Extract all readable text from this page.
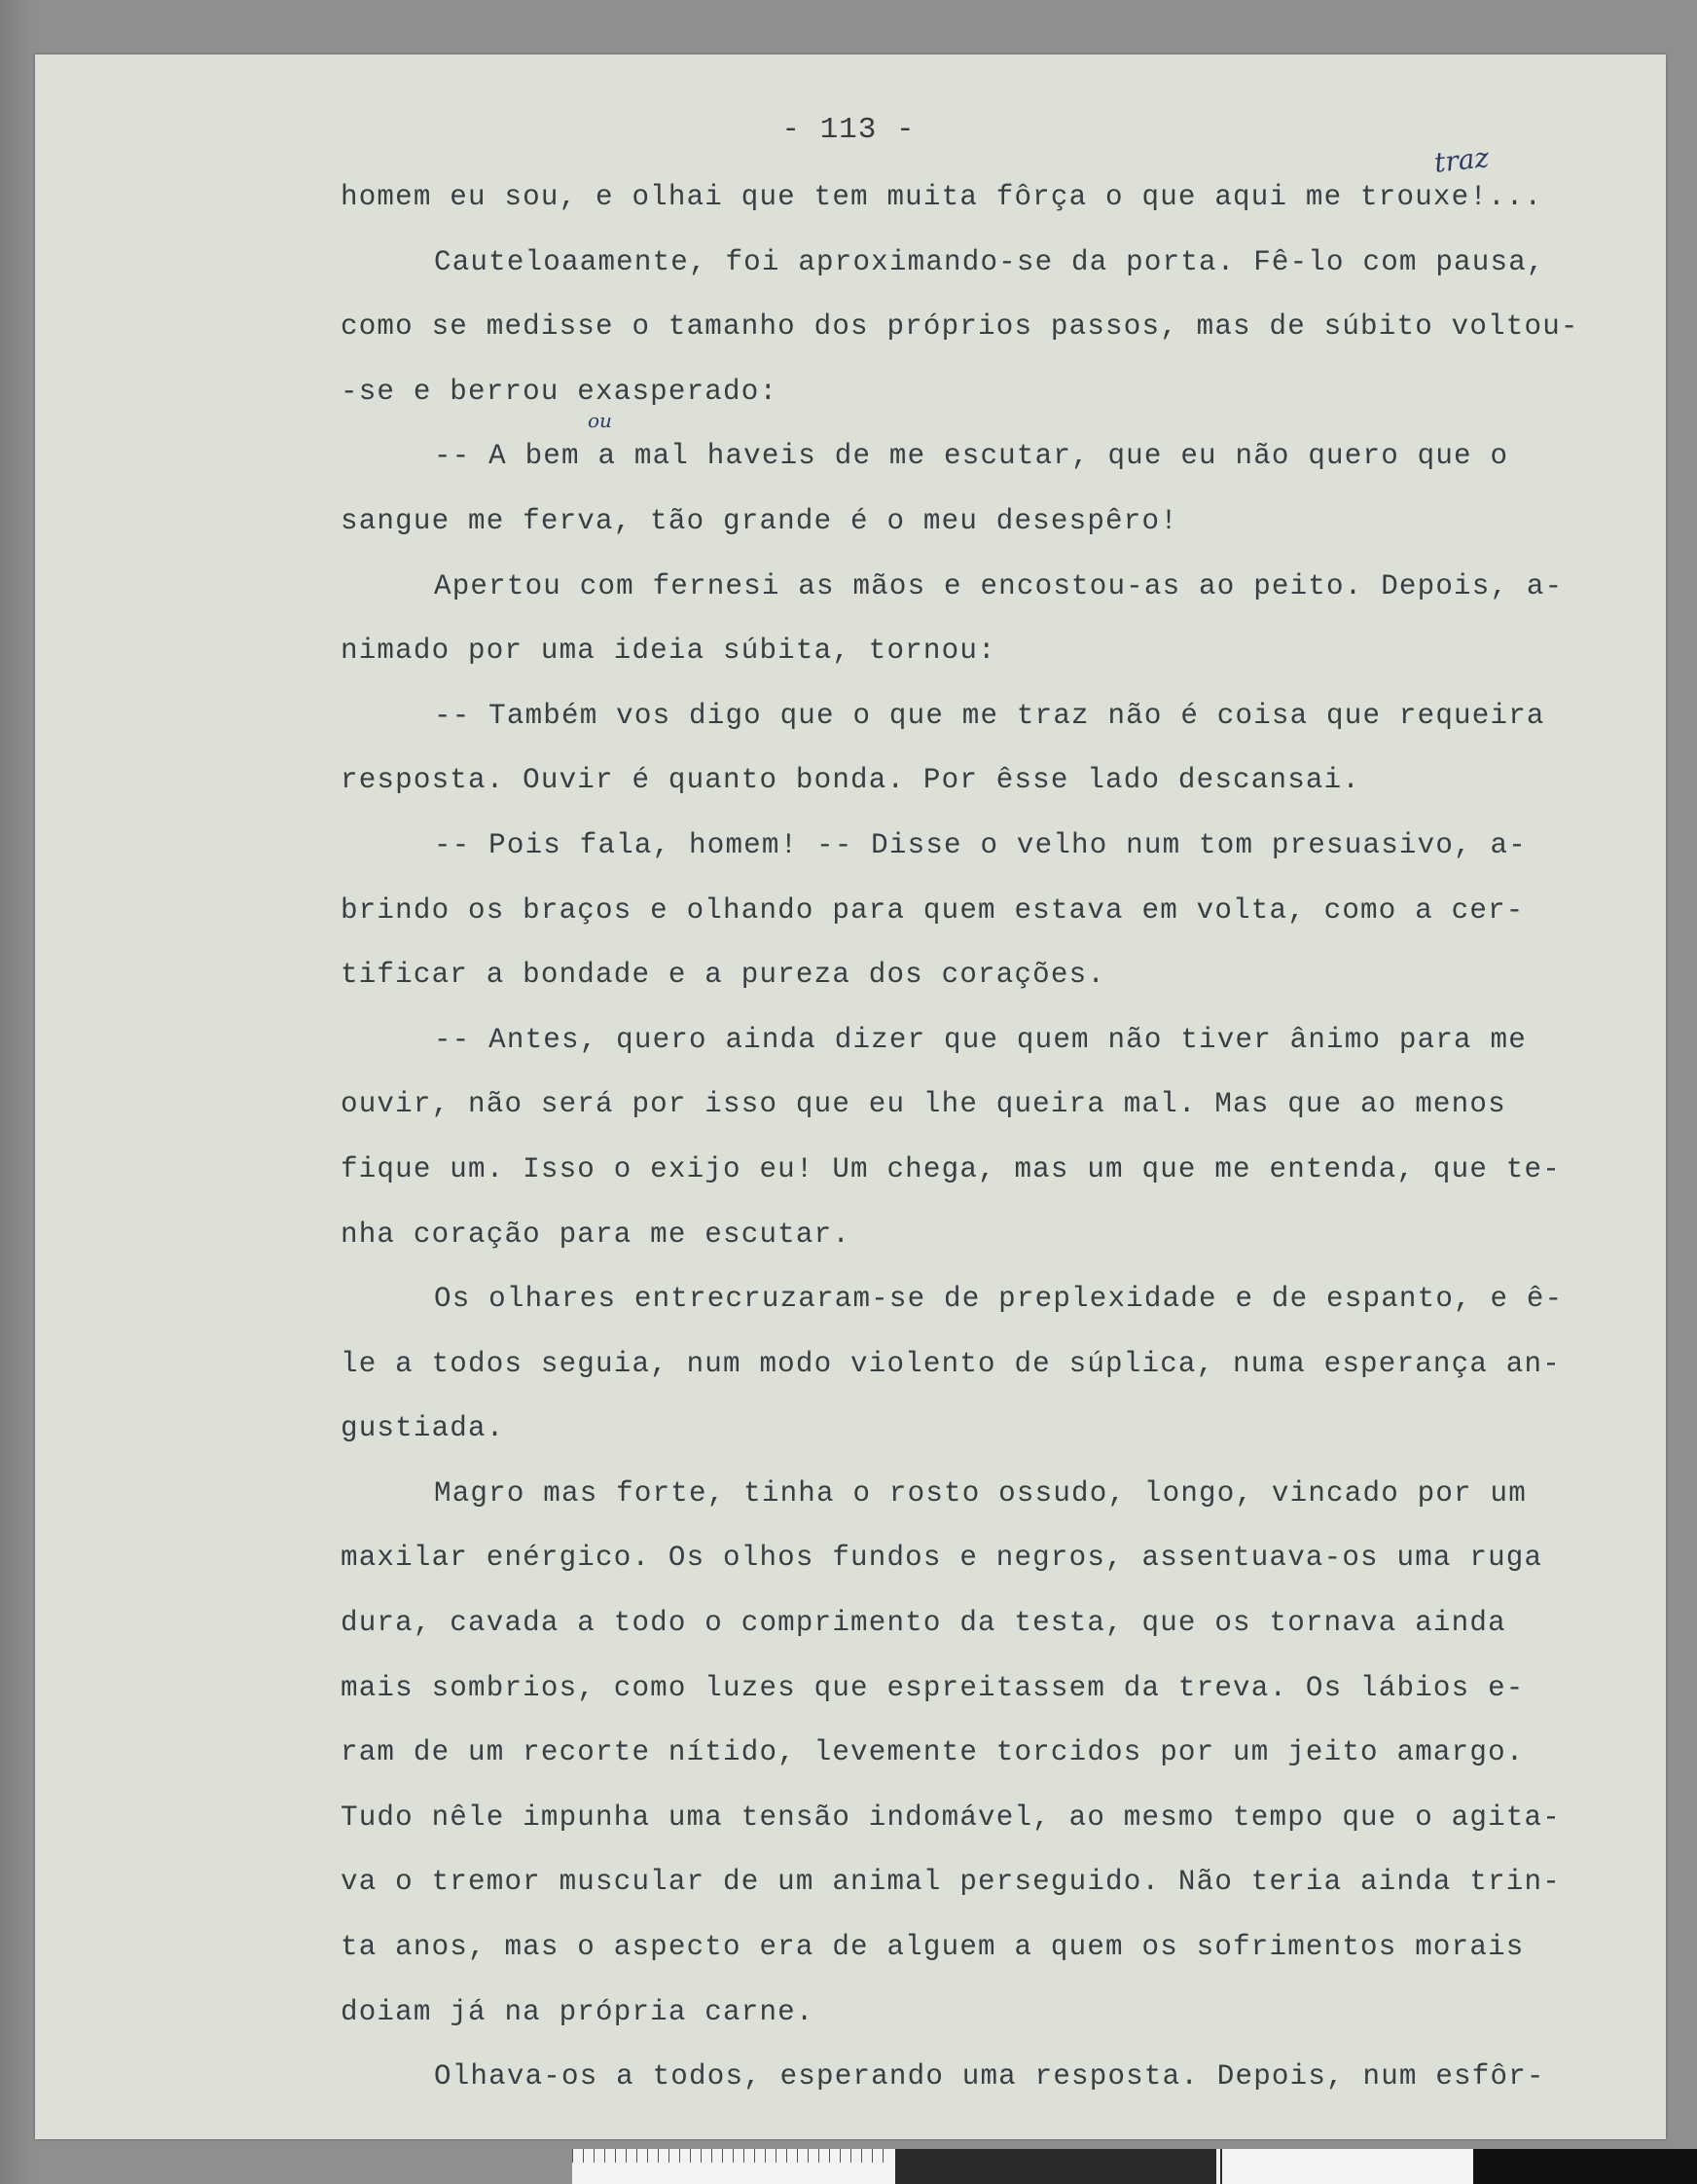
- 113 -
traz
ou
homem eu sou, e olhai que tem muita fôrça o que aqui me trouxe!...
Cauteloaamente, foi aproximando-se da porta. Fê-lo com pausa,
como se medisse o tamanho dos próprios passos, mas de súbito voltou-
-se e berrou exasperado:
-- A bem a mal haveis de me escutar, que eu não quero que o
sangue me ferva, tão grande é o meu desespêro!
Apertou com fernesi as mãos e encostou-as ao peito. Depois, a-
nimado por uma ideia súbita, tornou:
-- Também vos digo que o que me traz não é coisa que requeira
resposta. Ouvir é quanto bonda. Por êsse lado descansai.
-- Pois fala, homem! -- Disse o velho num tom presuasivo, a-
brindo os braços e olhando para quem estava em volta, como a cer-
tificar a bondade e a pureza dos corações.
-- Antes, quero ainda dizer que quem não tiver ânimo para me
ouvir, não será por isso que eu lhe queira mal. Mas que ao menos
fique um. Isso o exijo eu! Um chega, mas um que me entenda, que te-
nha coração para me escutar.
Os olhares entrecruzaram-se de preplexidade e de espanto, e ê-
le a todos seguia, num modo violento de súplica, numa esperança an-
gustiada.
Magro mas forte, tinha o rosto ossudo, longo, vincado por um
maxilar enérgico. Os olhos fundos e negros, assentuava-os uma ruga
dura, cavada a todo o comprimento da testa, que os tornava ainda
mais sombrios, como luzes que espreitassem da treva. Os lábios e-
ram de um recorte nítido, levemente torcidos por um jeito amargo.
Tudo nêle impunha uma tensão indomável, ao mesmo tempo que o agita-
va o tremor muscular de um animal perseguido. Não teria ainda trin-
ta anos, mas o aspecto era de alguem a quem os sofrimentos morais
doiam já na própria carne.
Olhava-os a todos, esperando uma resposta. Depois, num esfôr-
